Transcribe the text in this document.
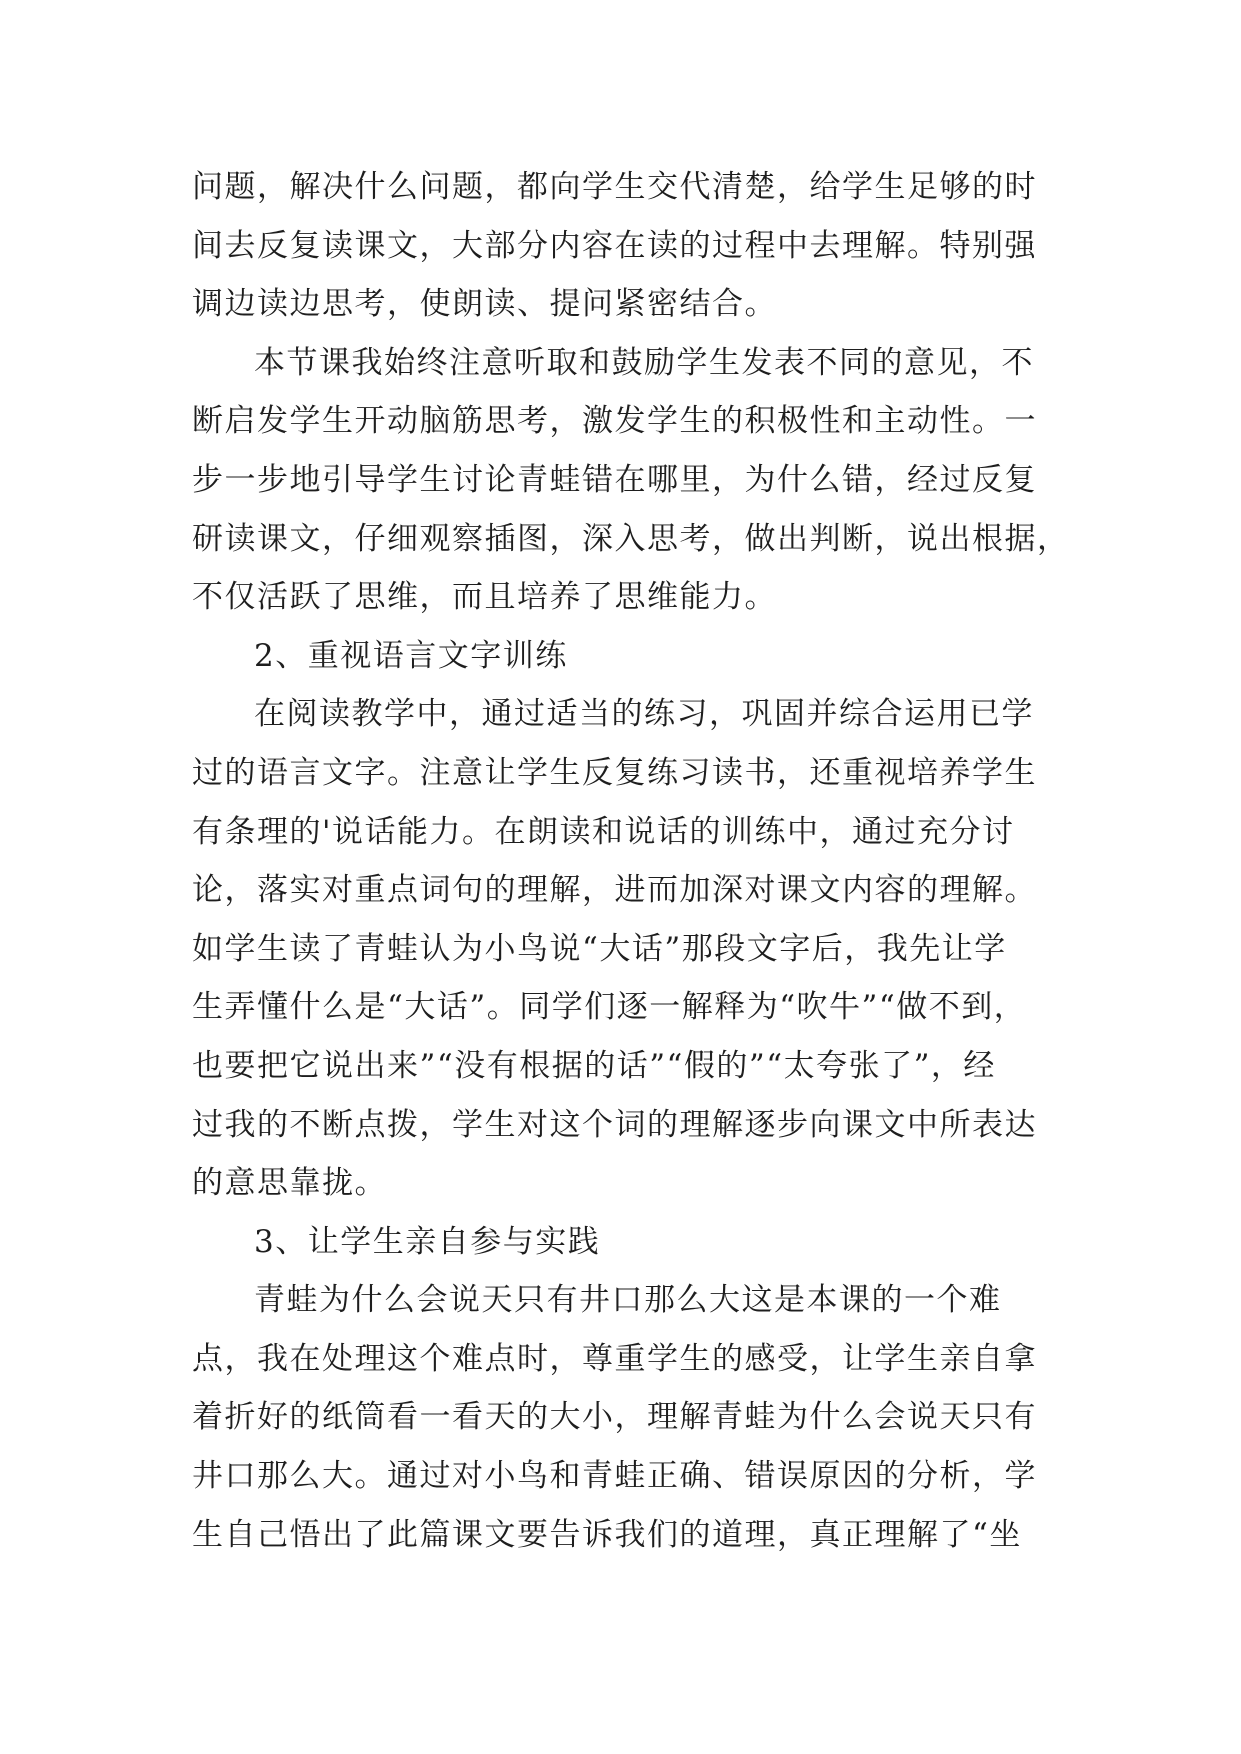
问题，解决什么问题，都向学生交代清楚，给学生足够的时
间去反复读课文，大部分内容在读的过程中去理解。特别强
调边读边思考，使朗读、提问紧密结合。
本节课我始终注意听取和鼓励学生发表不同的意见，不
断启发学生开动脑筋思考，激发学生的积极性和主动性。一
步一步地引导学生讨论青蛙错在哪里，为什么错，经过反复
研读课文，仔细观察插图，深入思考，做出判断，说出根据，
不仅活跃了思维，而且培养了思维能力。
2、重视语言文字训练
在阅读教学中，通过适当的练习，巩固并综合运用已学
过的语言文字。注意让学生反复练习读书，还重视培养学生
有条理的'说话能力。在朗读和说话的训练中，通过充分讨
论，落实对重点词句的理解，进而加深对课文内容的理解。
如学生读了青蛙认为小鸟说“大话”那段文字后，我先让学
生弄懂什么是“大话”。同学们逐一解释为“吹牛”“做不到，
也要把它说出来”“没有根据的话”“假的”“太夸张了”，经
过我的不断点拨，学生对这个词的理解逐步向课文中所表达
的意思靠拢。
3、让学生亲自参与实践
青蛙为什么会说天只有井口那么大这是本课的一个难
点，我在处理这个难点时，尊重学生的感受，让学生亲自拿
着折好的纸筒看一看天的大小，理解青蛙为什么会说天只有
井口那么大。通过对小鸟和青蛙正确、错误原因的分析，学
生自己悟出了此篇课文要告诉我们的道理，真正理解了“坐
